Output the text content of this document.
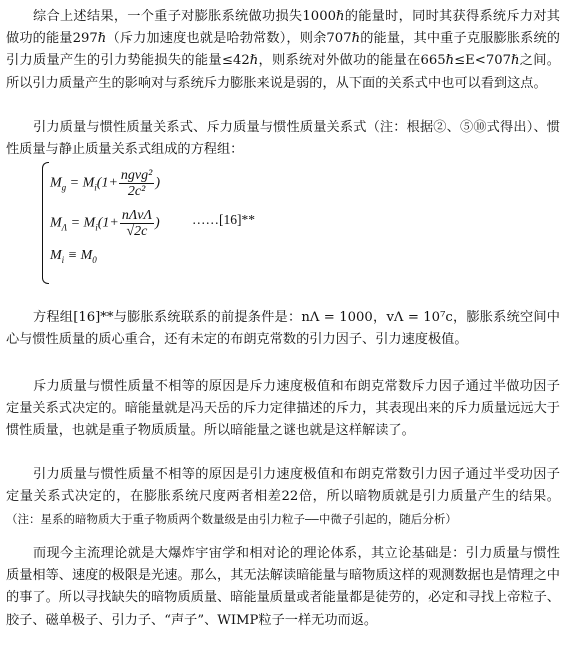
综合上述结果，一个重子对膨胀系统做功损失1000ℏ的能量时，同时其获得系统斥力对其做功的能量297ℏ（斥力加速度也就是哈勃常数），则余707ℏ的能量，其中重子克服膨胀系统的引力质量产生的引力势能损失的能量≤42ℏ，则系统对外做功的能量在665ℏ≤E<707ℏ之间。所以引力质量产生的影响对与系统斥力膨胀来说是弱的，从下面的关系式中也可以看到这点。

引力质量与惯性质量关系式、斥力质量与惯性质量关系式（注：根据②、⑤⑩式得出）、惯性质量与静止质量关系式组成的方程组：

$M_g = M_i(1+ \frac{\text{ngvg²}}{\text{2c²}}$ )
$M_\Lambda = M_i(1+ \frac{\text{nΛvΛ}}{√2c}$ )
$M_i \equiv M_0$
……[16]**

方程组[16]**与膨胀系统联系的前提条件是：nΛ = 1000，vΛ = 10⁷c，膨胀系统空间中心与惯性质量的质心重合，还有未定的布朗克常数的引力因子、引力速度极值。

斥力质量与惯性质量不相等的原因是斥力速度极值和布朗克常数斥力因子通过半做功因子定量关系式决定的。暗能量就是冯天岳的斥力定律描述的斥力，其表现出来的斥力质量远远大于惯性质量，也就是重子物质质量。所以暗能量之谜也就是这样解读了。

引力质量与惯性质量不相等的原因是引力速度极值和布朗克常数引力因子通过半受功因子定量关系式决定的，在膨胀系统尺度两者相差22倍，所以暗物质就是引力质量产生的结果。（注：星系的暗物质大于重子物质两个数量级是由引力粒子——中微子引起的，随后分析）

而现今主流理论就是大爆炸宇宙学和相对论的理论体系，其立论基础是：引力质量与惯性质量相等、速度的极限是光速。那么，其无法解读暗能量与暗物质这样的观测数据也是情理之中的事了。所以寻找缺失的暗物质质量、暗能量质量或者能量都是徒劳的，必定和寻找上帝粒子、胶子、磁单极子、引力子、“声子”、WIMP粒子一样无功而返。
